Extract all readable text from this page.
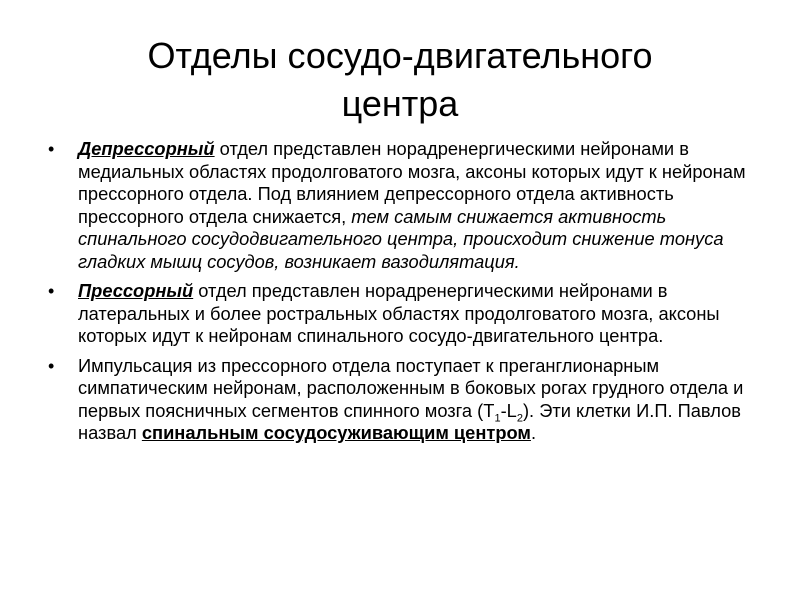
Отделы сосудо-двигательного
центра
• Депрессорный отдел представлен норадренергическими нейронами в медиальных областях продолговатого мозга, аксоны которых идут к нейронам прессорного отдела. Под влиянием депрессорного отдела активность прессорного отдела снижается, тем самым снижается активность спинального сосудодвигательного центра, происходит снижение тонуса гладких мышц сосудов, возникает вазодилятация.
• Прессорный отдел представлен норадренергическими нейронами в латеральных и более ростральных областях продолговатого мозга, аксоны которых идут к нейронам спинального сосудо-двигательного центра.
• Импульсация из прессорного отдела поступает к преганглионарным симпатическим нейронам, расположенным в боковых рогах грудного отдела и первых поясничных сегментов спинного мозга $(Т_1-L_2)$. Эти клетки И.П. Павлов назвал спинальным сосудосуживающим центром.
